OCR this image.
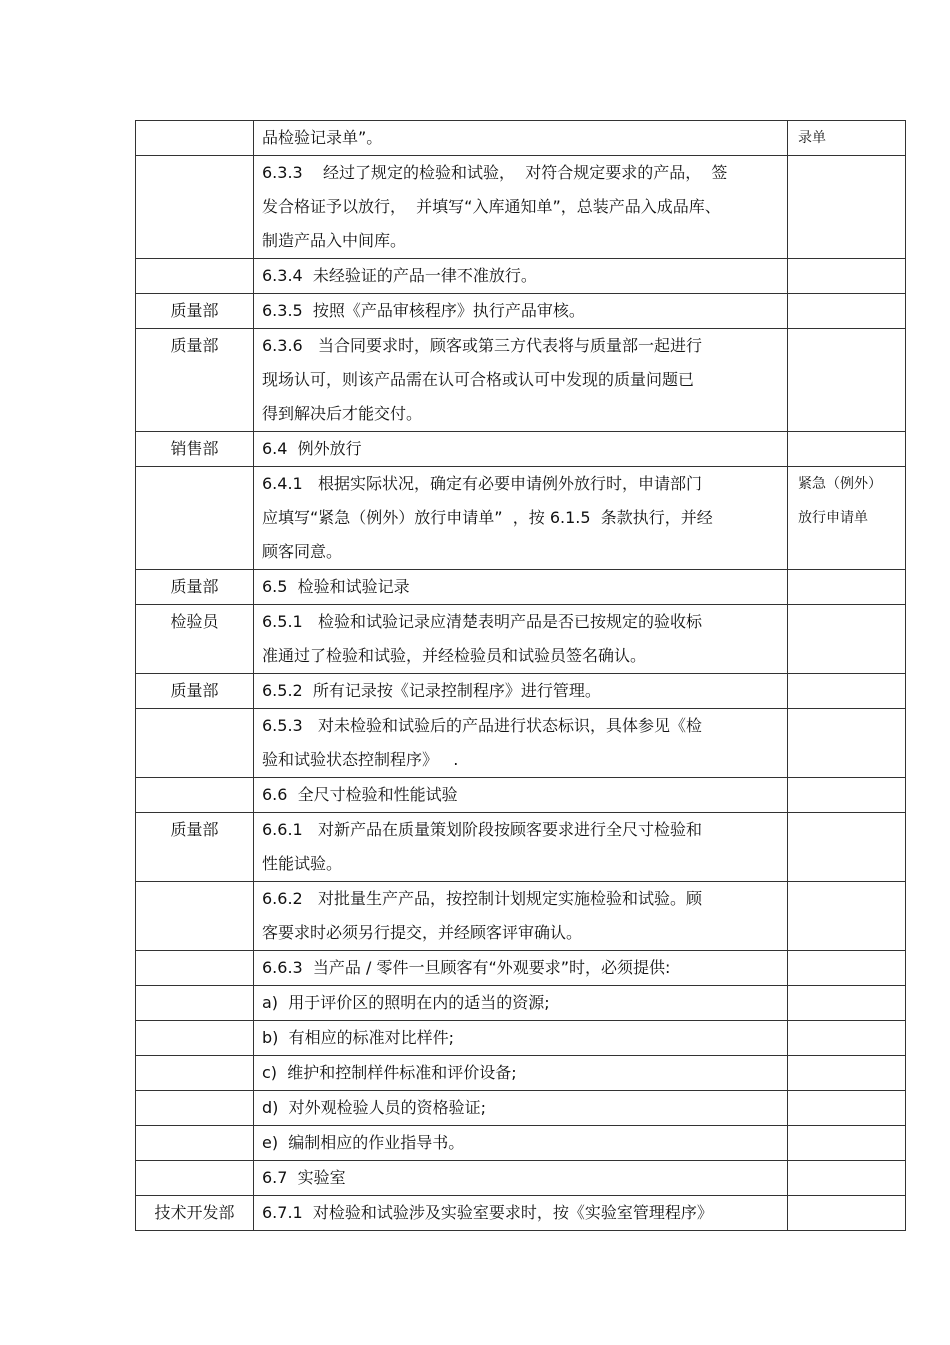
	品检验记录单”。	录单

	6.3.3    经过了规定的检验和试验，  对符合规定要求的产品，  签
发合格证予以放行，  并填写“入库通知单”，总装产品入成品库、
制造产品入中间库。	

	6.3.4  未经验证的产品一律不准放行。	

质量部	6.3.5  按照《产品审核程序》执行产品审核。	

质量部	6.3.6   当合同要求时，顾客或第三方代表将与质量部一起进行
现场认可，则该产品需在认可合格或认可中发现的质量问题已
得到解决后才能交付。	

销售部	6.4  例外放行	

	6.4.1   根据实际状况，确定有必要申请例外放行时，申请部门
应填写“紧急（例外）放行申请单”  ，按 6.1.5  条款执行，并经
顾客同意。	紧急（例外）
放行申请单

质量部	6.5  检验和试验记录	

检验员	6.5.1   检验和试验记录应清楚表明产品是否已按规定的验收标
准通过了检验和试验，并经检验员和试验员签名确认。	

质量部	6.5.2  所有记录按《记录控制程序》进行管理。	

	6.5.3   对未检验和试验后的产品进行状态标识，具体参见《检
验和试验状态控制程序》   .	

	6.6  全尺寸检验和性能试验	

质量部	6.6.1   对新产品在质量策划阶段按顾客要求进行全尺寸检验和
性能试验。	

	6.6.2   对批量生产产品，按控制计划规定实施检验和试验。顾
客要求时必须另行提交，并经顾客评审确认。	

	6.6.3  当产品 / 零件一旦顾客有“外观要求”时，必须提供:	

	a)  用于评价区的照明在内的适当的资源;	

	b)  有相应的标准对比样件;	

	c)  维护和控制样件标准和评价设备;	

	d)  对外观检验人员的资格验证;	

	e)  编制相应的作业指导书。	

	6.7  实验室	

技术开发部	6.7.1  对检验和试验涉及实验室要求时，按《实验室管理程序》	
